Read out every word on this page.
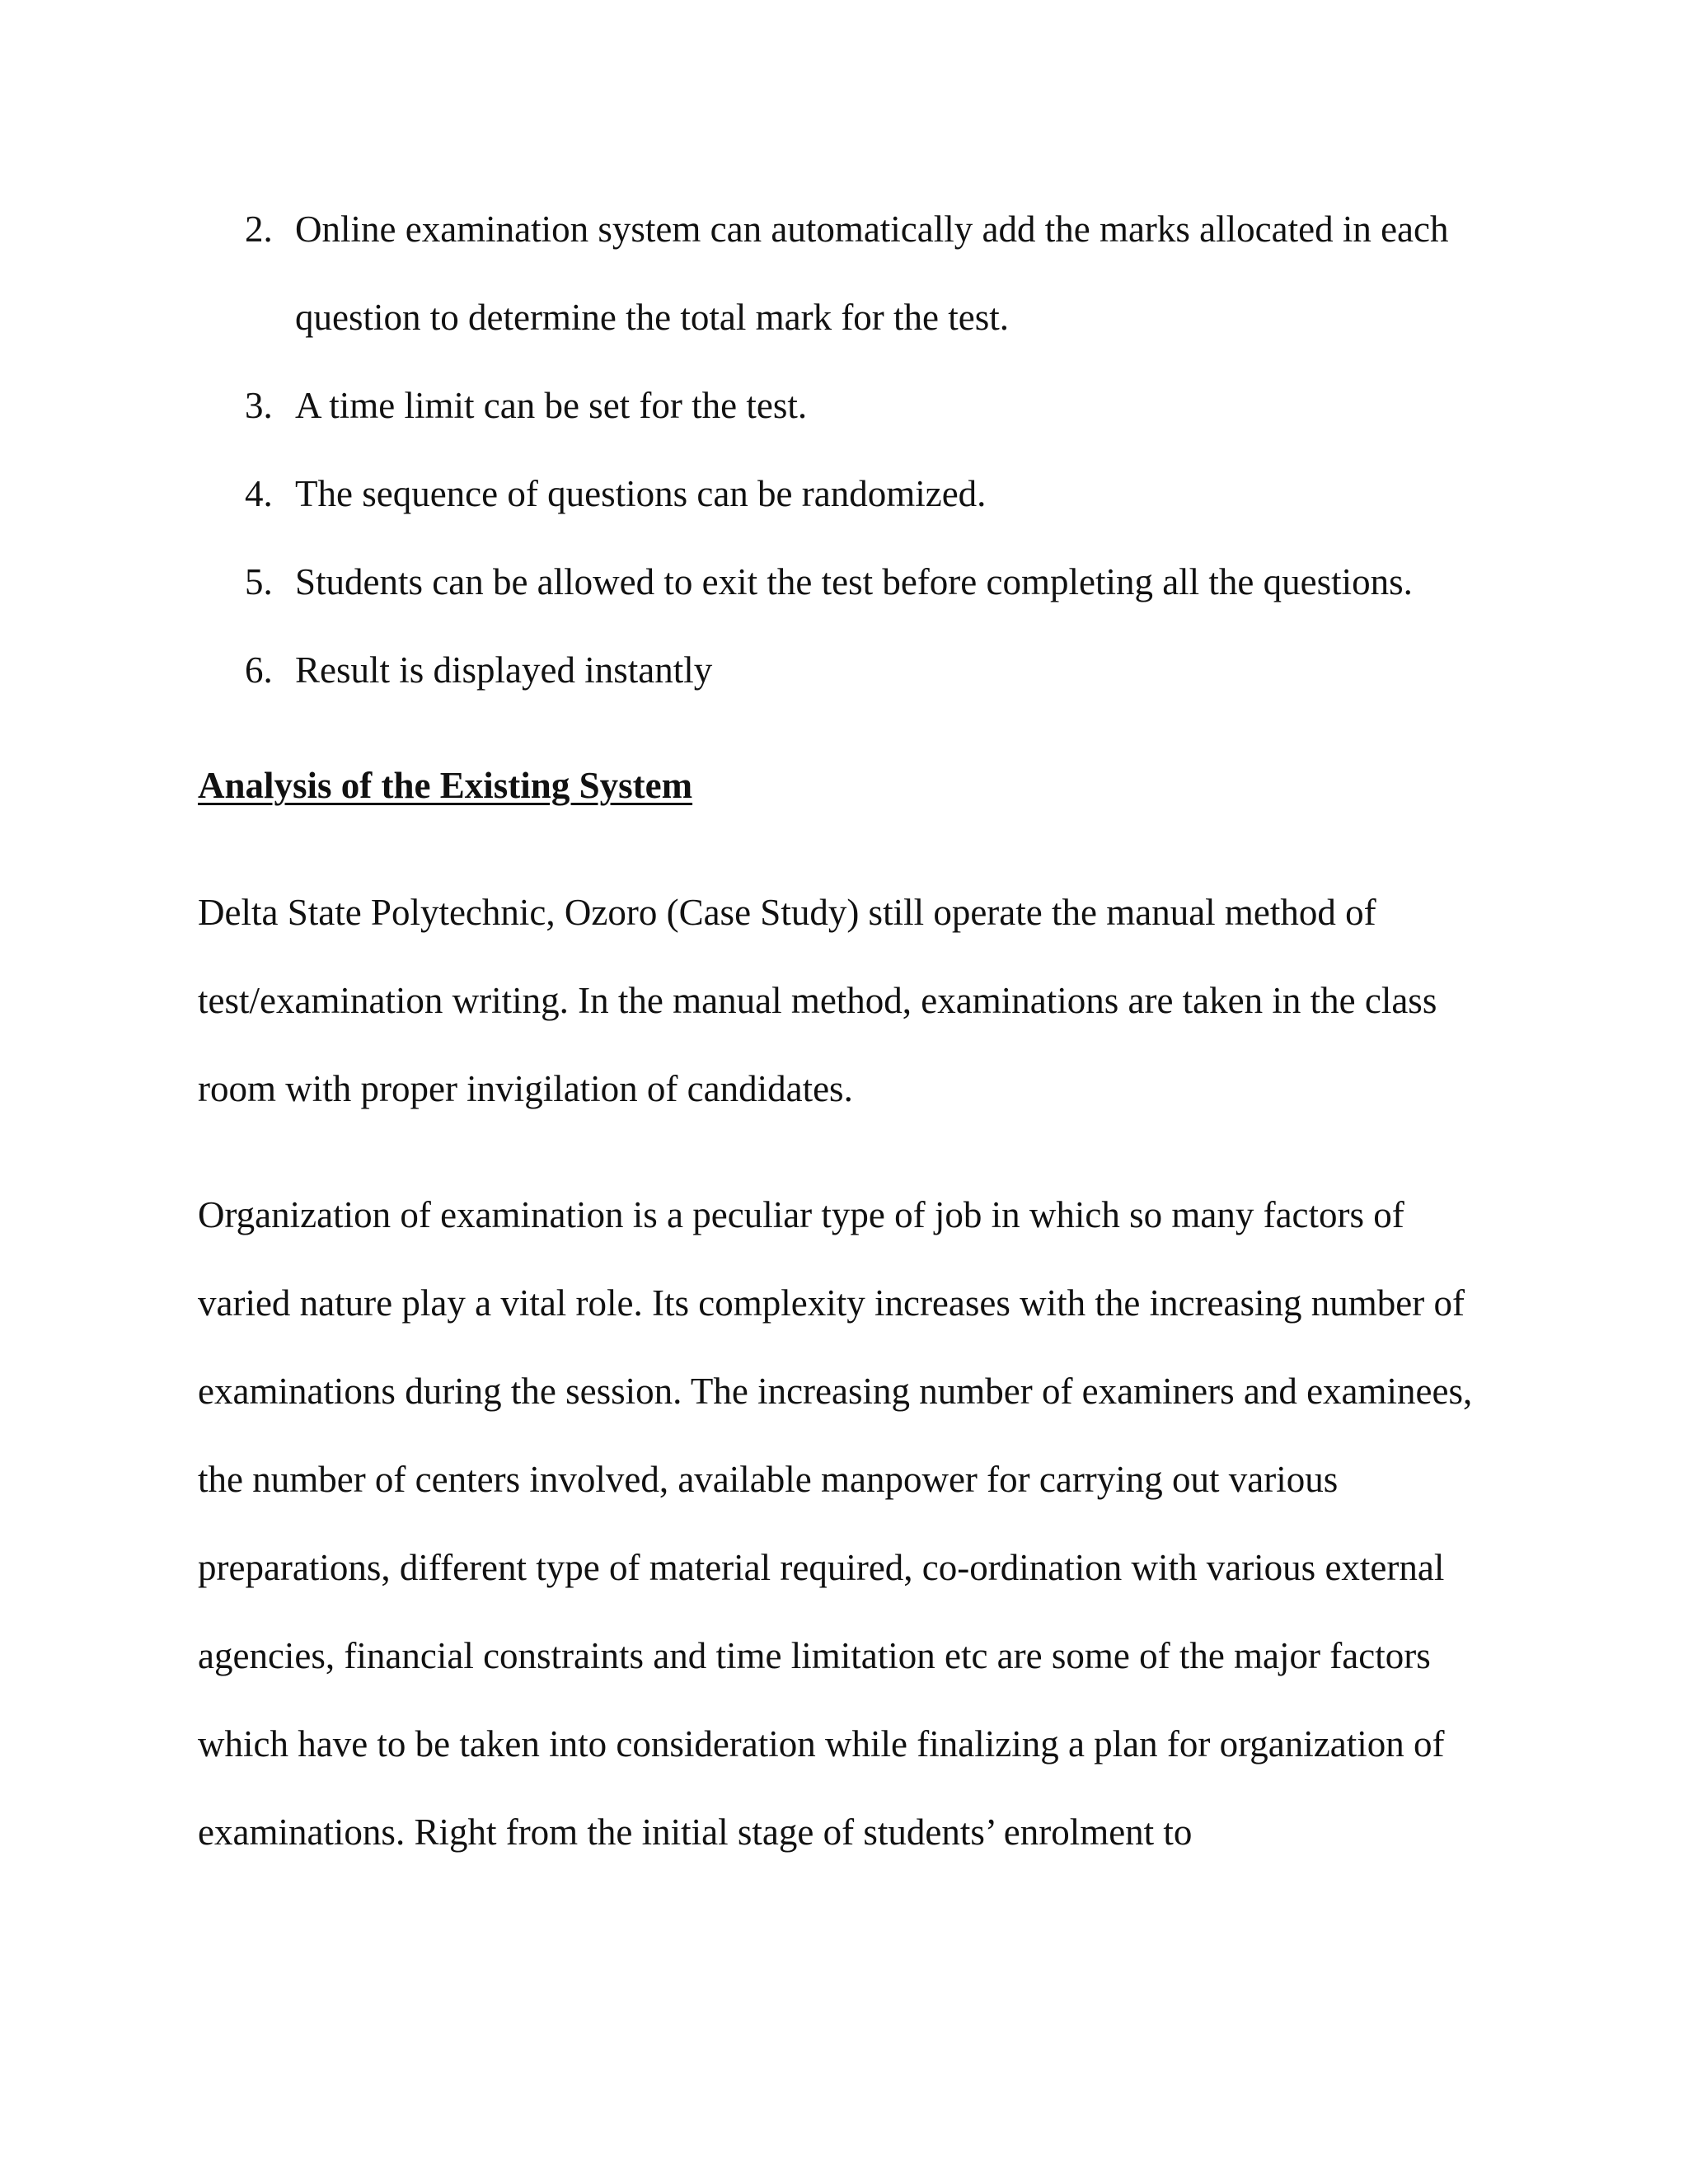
2. Online examination system can automatically add the marks allocated in each question to determine the total mark for the test.
3. A time limit can be set for the test.
4. The sequence of questions can be randomized.
5. Students can be allowed to exit the test before completing all the questions.
6. Result is displayed instantly
Analysis of the Existing System

Delta State Polytechnic, Ozoro (Case Study) still operate the manual method of test/examination writing. In the manual method, examinations are taken in the class room with proper invigilation of candidates.

Organization of examination is a peculiar type of job in which so many factors of varied nature play a vital role. Its complexity increases with the increasing number of examinations during the session. The increasing number of examiners and examinees, the number of centers involved, available manpower for carrying out various preparations, different type of material required, co-ordination with various external agencies, financial constraints and time limitation etc are some of the major factors which have to be taken into consideration while finalizing a plan for organization of examinations. Right from the initial stage of students’ enrolment to
